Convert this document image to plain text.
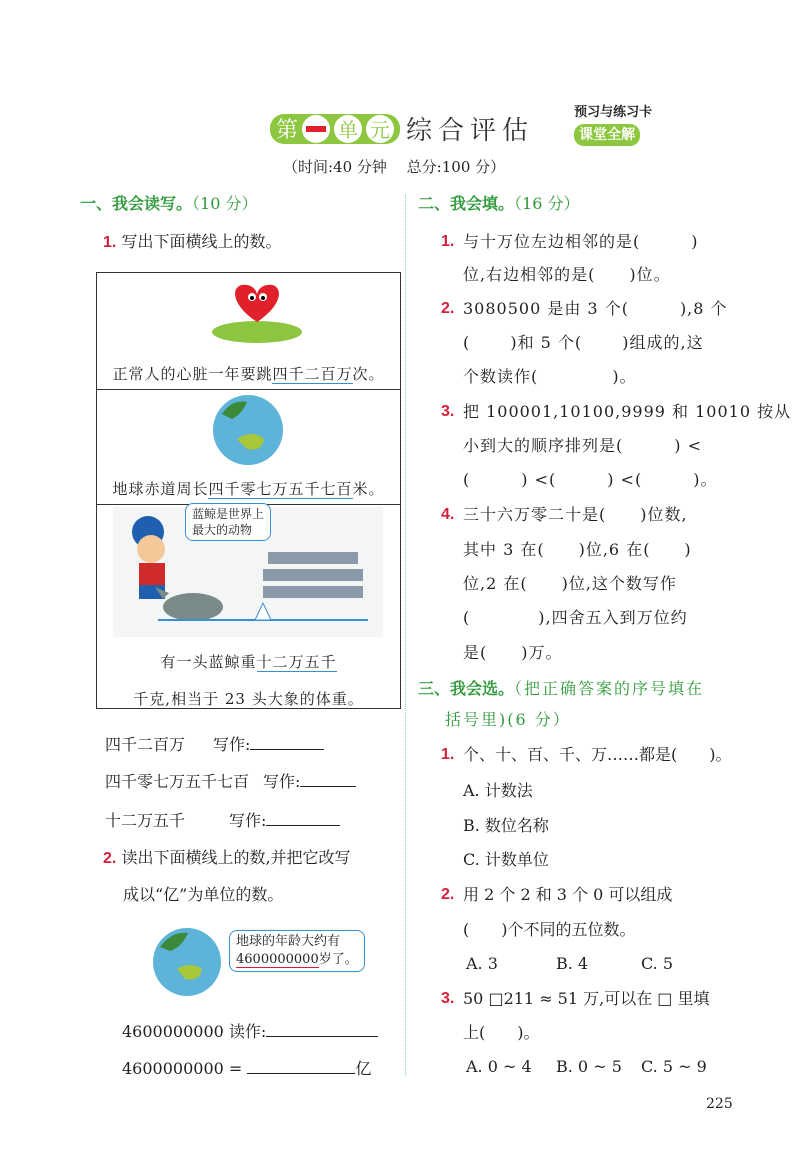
预习与练习卡
课堂全解

第 单 元 综合评估
（时间:40 分钟　 总分:100 分）
一、我会读写。（10 分）
1. 写出下面横线上的数。
正常人的心脏一年要跳四千二百万次。
地球赤道周长四千零七万五千七百米。
蓝鲸是世界上
最大的动物
有一头蓝鲸重十二万五千
千克,相当于 23 头大象的体重。
四千二百万 写作:
四千零七万五千七百 写作:
十二万五千	写作:
2. 读出下面横线上的数,并把它改写
成以“亿”为单位的数。
地球的年龄大约有
4600000000岁了。
4600000000 读作:
4600000000 =	亿
二、我会填。（16 分）
1. 与十万位左边相邻的是(　　　)
位,右边相邻的是(　　)位。
2. 3080500 是由 3 个(　　　),8 个
(　　 )和 5 个(　　 )组成的,这
个数读作(　　　　 )。
3. 把 100001,10100,9999 和 10010 按从
小到大的顺序排列是(　　　) <
(　　　) <(　　　) <(　　　)。
4. 三十六万零二十是(　　)位数,
其中 3 在(　　)位,6 在(　　)
位,2 在(　　)位,这个数写作
(　　　　),四舍五入到万位约
是(　　)万。
三、我会选。（把正确答案的序号填在
括号里)(6 分）
1. 个、十、百、千、万……都是(　　)。
A. 计数法
B. 数位名称
C. 计数单位
2. 用 2 个 2 和 3 个 0 可以组成
(　　)个不同的五位数。
A. 3	B. 4	C. 5
3. 50 □211 ≈ 51 万,可以在 □ 里填
上(　　)。
A. 0 ~ 4 B. 0 ~ 5 C. 5 ~ 9
225
